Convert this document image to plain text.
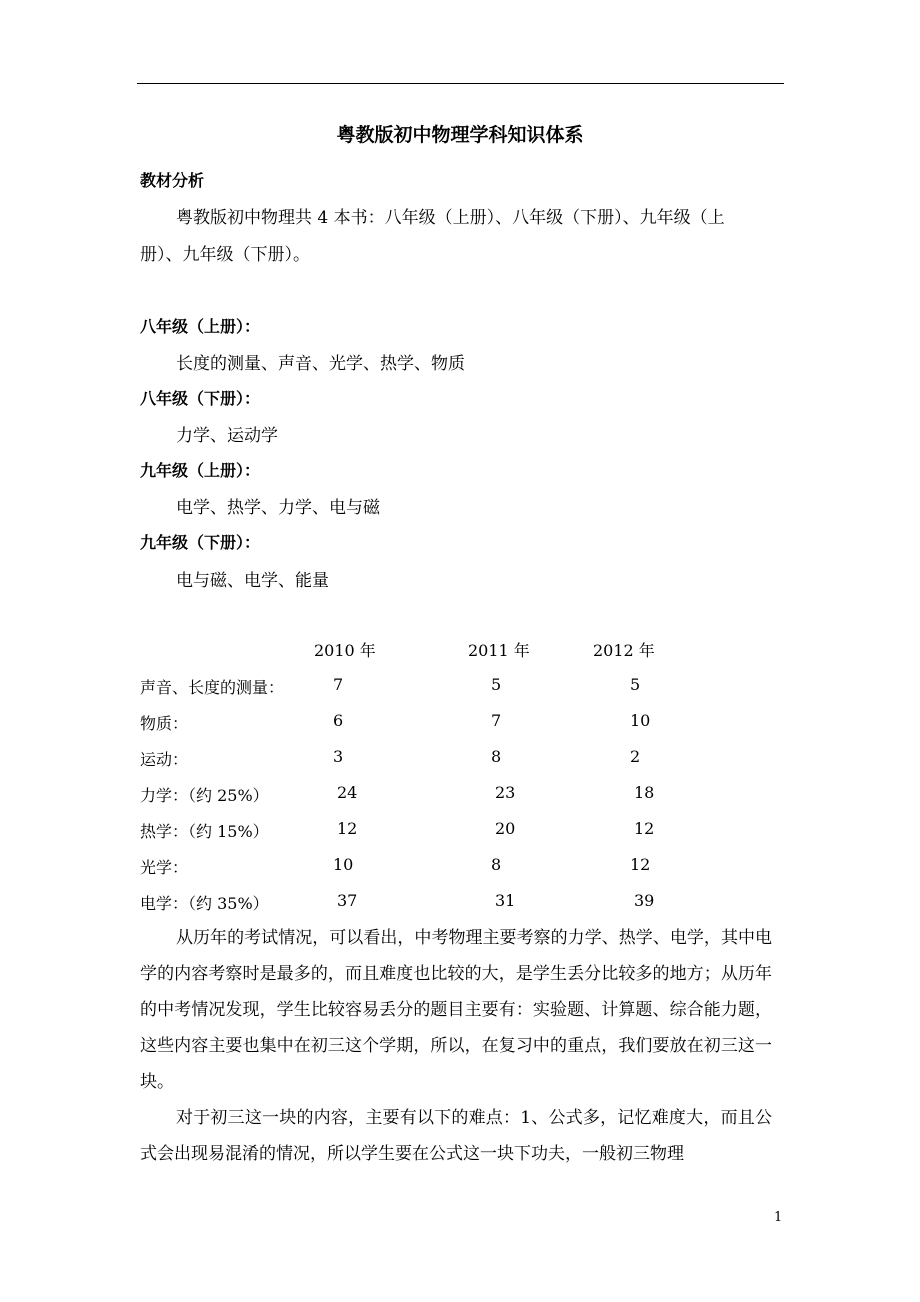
粤教版初中物理学科知识体系
教材分析
粤教版初中物理共 4 本书：八年级（上册）、八年级（下册）、九年级（上
册）、九年级（下册）。
八年级（上册）：
长度的测量、声音、光学、热学、物质
八年级（下册）：
力学、运动学
九年级（上册）：
电学、热学、力学、电与磁
九年级（下册）：
电与磁、电学、能量
2010 年	2011 年	2012 年
声音、长度的测量：	7	5	5
物质：	6	7	10
运动：	3	8	2
力学：（约 25%）	24	23	18
热学：（约 15%）	12	20	12
光学：	10	8	12
电学：（约 35%）	37	31	39
从历年的考试情况，可以看出，中考物理主要考察的力学、热学、电学，其中电学的内容考察时是最多的，而且难度也比较的大，是学生丢分比较多的地方；从历年的中考情况发现，学生比较容易丢分的题目主要有：实验题、计算题、综合能力题，这些内容主要也集中在初三这个学期，所以，在复习中的重点，我们要放在初三这一块。
对于初三这一块的内容，主要有以下的难点：1、公式多，记忆难度大，而且公式会出现易混淆的情况，所以学生要在公式这一块下功夫，一般初三物理
1
